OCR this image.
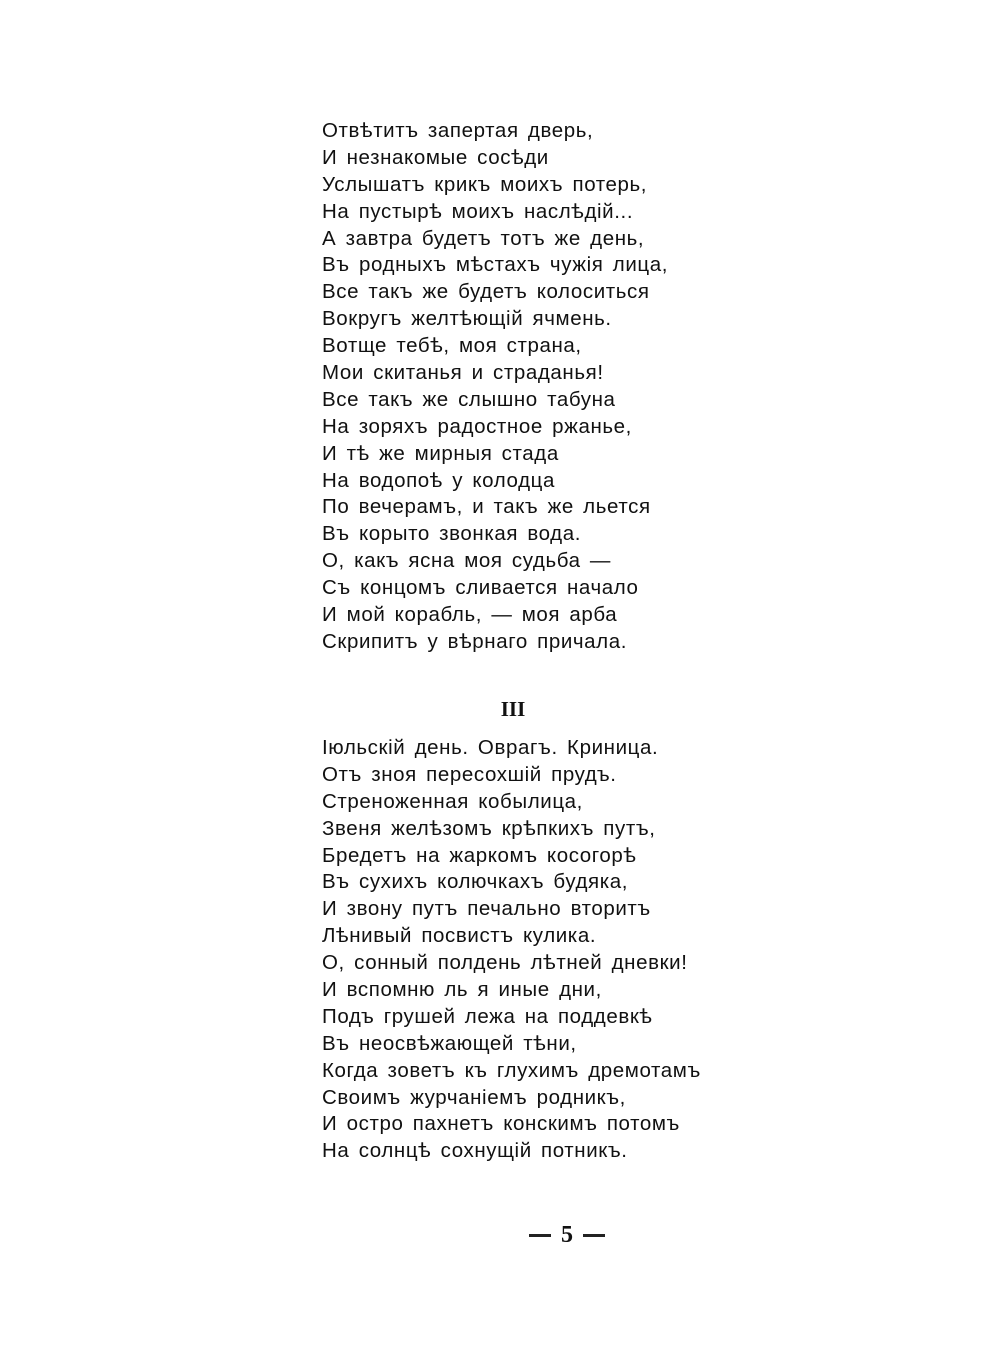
Отвѣтитъ запертая дверь,
И незнакомые сосѣди
Услышатъ крикъ моихъ потерь,
На пустырѣ моихъ наслѣдій...
А завтра будетъ тотъ же день,
Въ родныхъ мѣстахъ чужія лица,
Все такъ же будетъ колоситься
Вокругъ желтѣющій ячмень.
Вотще тебѣ, моя страна,
Мои скитанья и страданья!
Все такъ же слышно табуна
На зоряхъ радостное ржанье,
И тѣ же мирныя стада
На водопоѣ у колодца
По вечерамъ, и такъ же льется
Въ корыто звонкая вода.
О, какъ ясна моя судьба —
Съ концомъ сливается начало
И мой корабль, — моя арба
Скрипитъ у вѣрнаго причала.
III
Іюльскій день. Оврагъ. Криница.
Отъ зноя пересохшій прудъ.
Стреноженная кобылица,
Звеня желѣзомъ крѣпкихъ путъ,
Бредетъ на жаркомъ косогорѣ
Въ сухихъ колючкахъ будяка,
И звону путъ печально вторитъ
Лѣнивый посвистъ кулика.
О, сонный полдень лѣтней дневки!
И вспомню ль я иные дни,
Подъ грушей лежа на поддевкѣ
Въ неосвѣжающей тѣни,
Когда зоветъ къ глухимъ дремотамъ
Своимъ журчаніемъ родникъ,
И остро пахнетъ конскимъ потомъ
На солнцѣ сохнущій потникъ.
5
